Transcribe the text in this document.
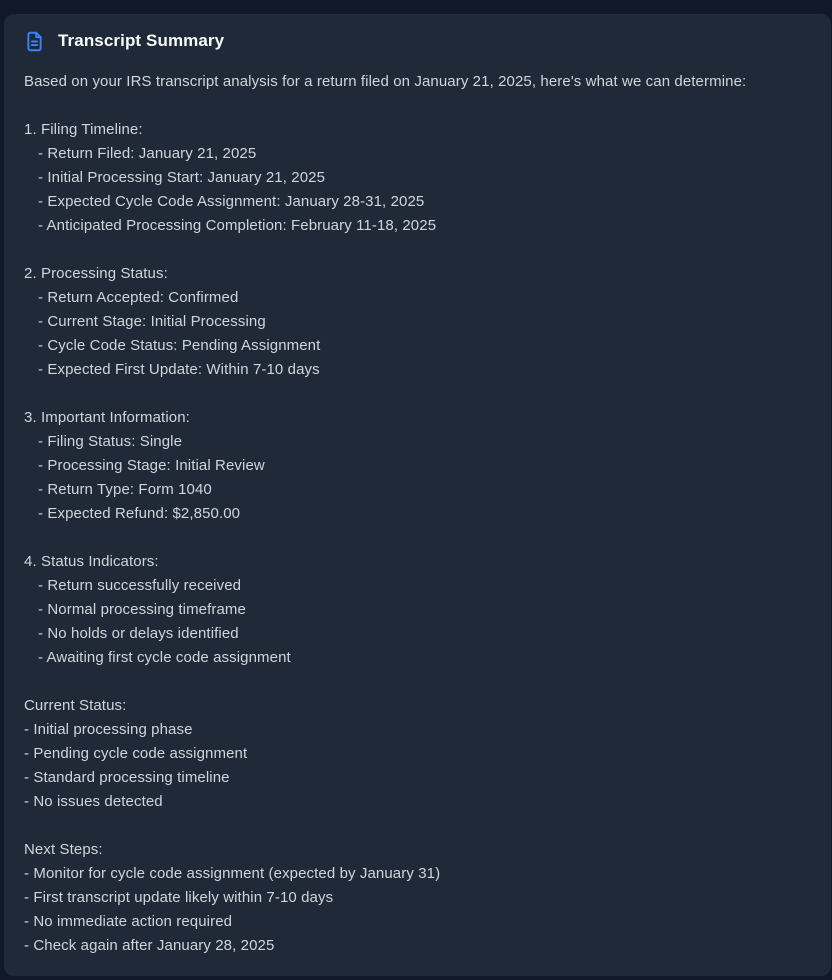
Transcript Summary

Based on your IRS transcript analysis for a return filed on January 21, 2025, here's what we can determine:

1. Filing Timeline:
- Return Filed: January 21, 2025
- Initial Processing Start: January 21, 2025
- Expected Cycle Code Assignment: January 28-31, 2025
- Anticipated Processing Completion: February 11-18, 2025
2. Processing Status:
- Return Accepted: Confirmed
- Current Stage: Initial Processing
- Cycle Code Status: Pending Assignment
- Expected First Update: Within 7-10 days
3. Important Information:
- Filing Status: Single
- Processing Stage: Initial Review
- Return Type: Form 1040
- Expected Refund: $2,850.00
4. Status Indicators:
- Return successfully received
- Normal processing timeframe
- No holds or delays identified
- Awaiting first cycle code assignment
Current Status:
- Initial processing phase
- Pending cycle code assignment
- Standard processing timeline
- No issues detected
Next Steps:
- Monitor for cycle code assignment (expected by January 31)
- First transcript update likely within 7-10 days
- No immediate action required
- Check again after January 28, 2025
